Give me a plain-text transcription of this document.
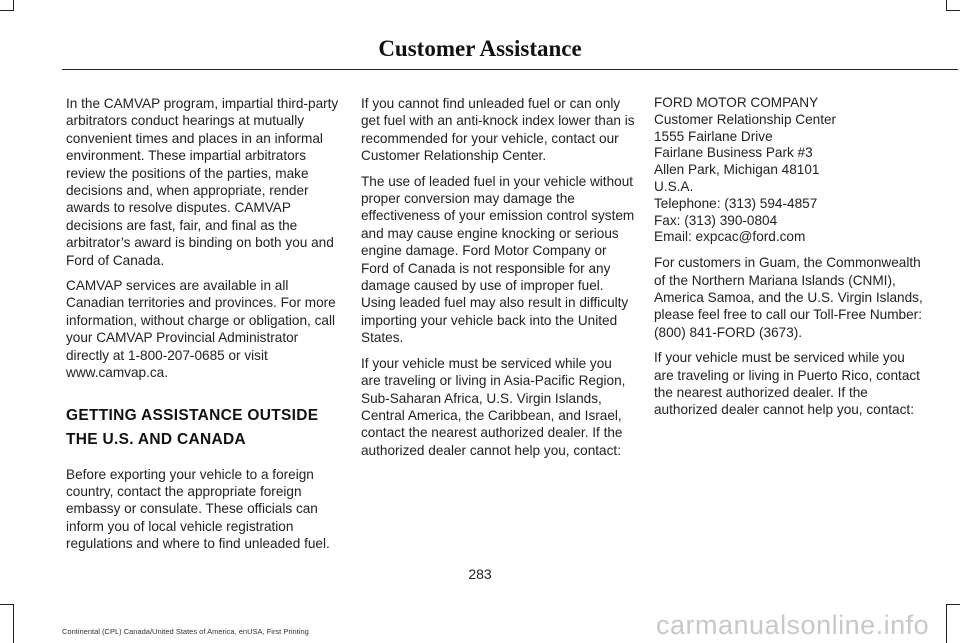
Customer Assistance

In the CAMVAP program, impartial third-party arbitrators conduct hearings at mutually convenient times and places in an informal environment. These impartial arbitrators review the positions of the parties, make decisions and, when appropriate, render awards to resolve disputes. CAMVAP decisions are fast, fair, and final as the arbitrator’s award is binding on both you and Ford of Canada.

CAMVAP services are available in all Canadian territories and provinces. For more information, without charge or obligation, call your CAMVAP Provincial Administrator directly at 1-800-207-0685 or visit www.camvap.ca.

GETTING ASSISTANCE OUTSIDE
THE U.S. AND CANADA

Before exporting your vehicle to a foreign country, contact the appropriate foreign embassy or consulate. These officials can inform you of local vehicle registration regulations and where to find unleaded fuel.

If you cannot find unleaded fuel or can only get fuel with an anti-knock index lower than is recommended for your vehicle, contact our Customer Relationship Center.

The use of leaded fuel in your vehicle without proper conversion may damage the effectiveness of your emission control system and may cause engine knocking or serious engine damage. Ford Motor Company or Ford of Canada is not responsible for any damage caused by use of improper fuel. Using leaded fuel may also result in difficulty importing your vehicle back into the United States.

If your vehicle must be serviced while you are traveling or living in Asia-Pacific Region, Sub-Saharan Africa, U.S. Virgin Islands, Central America, the Caribbean, and Israel, contact the nearest authorized dealer. If the authorized dealer cannot help you, contact:

FORD MOTOR COMPANY
Customer Relationship Center
1555 Fairlane Drive
Fairlane Business Park #3
Allen Park, Michigan 48101
U.S.A.
Telephone: (313) 594-4857
Fax: (313) 390-0804
Email: expcac@ford.com

For customers in Guam, the Commonwealth of the Northern Mariana Islands (CNMI), America Samoa, and the U.S. Virgin Islands, please feel free to call our Toll-Free Number: (800) 841-FORD (3673).

If your vehicle must be serviced while you are traveling or living in Puerto Rico, contact the nearest authorized dealer. If the authorized dealer cannot help you, contact:

283
Continental (CPL) Canada/United States of America, enUSA, First Printing	carmanualsonline.info
